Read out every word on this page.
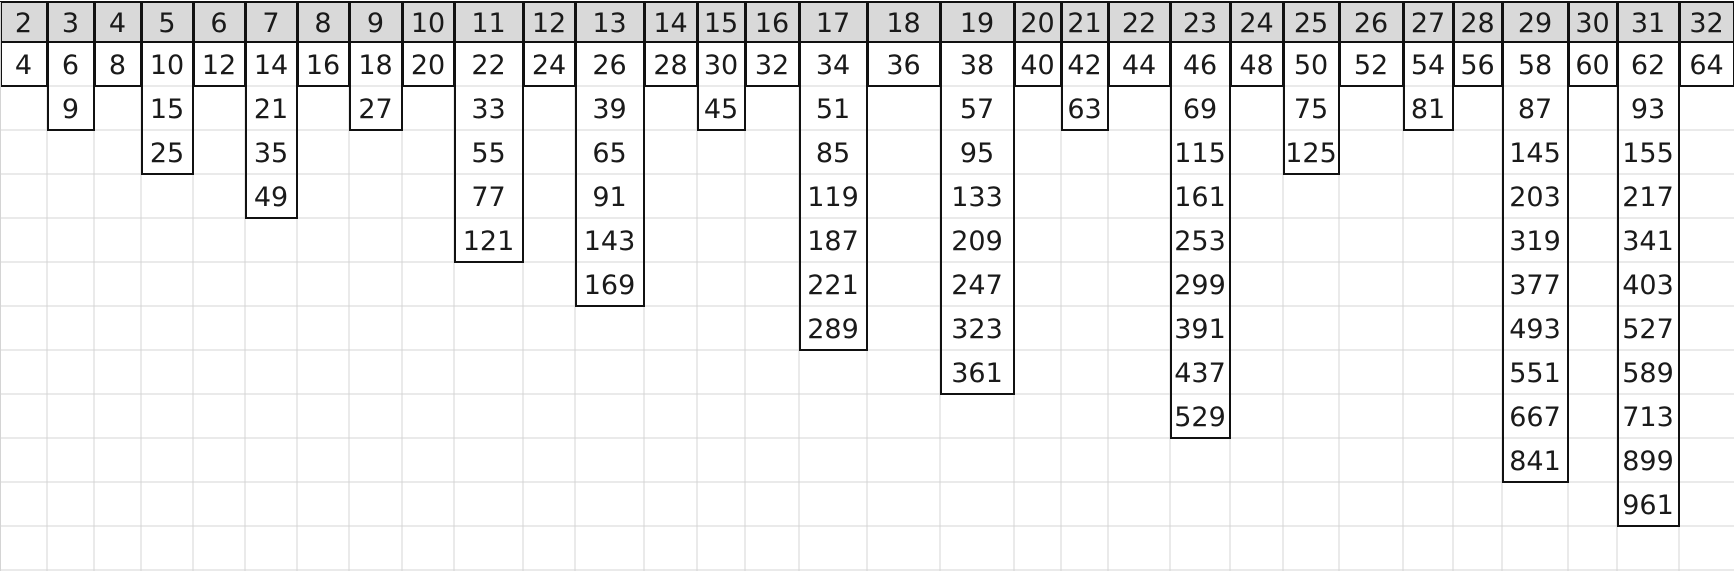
2
4
3
6
9
4
8
5
10
15
25
6
12
7
14
21
35
49
8
16
9
18
27
10
20
11
22
33
55
77
121
12
24
13
26
39
65
91
143
169
14
28
15
30
45
16
32
17
34
51
85
119
187
221
289
18
36
19
38
57
95
133
209
247
323
361
20
40
21
42
63
22
44
23
46
69
115
161
253
299
391
437
529
24
48
25
50
75
125
26
52
27
54
81
28
56
29
58
87
145
203
319
377
493
551
667
841
30
60
31
62
93
155
217
341
403
527
589
713
899
961
32
64
